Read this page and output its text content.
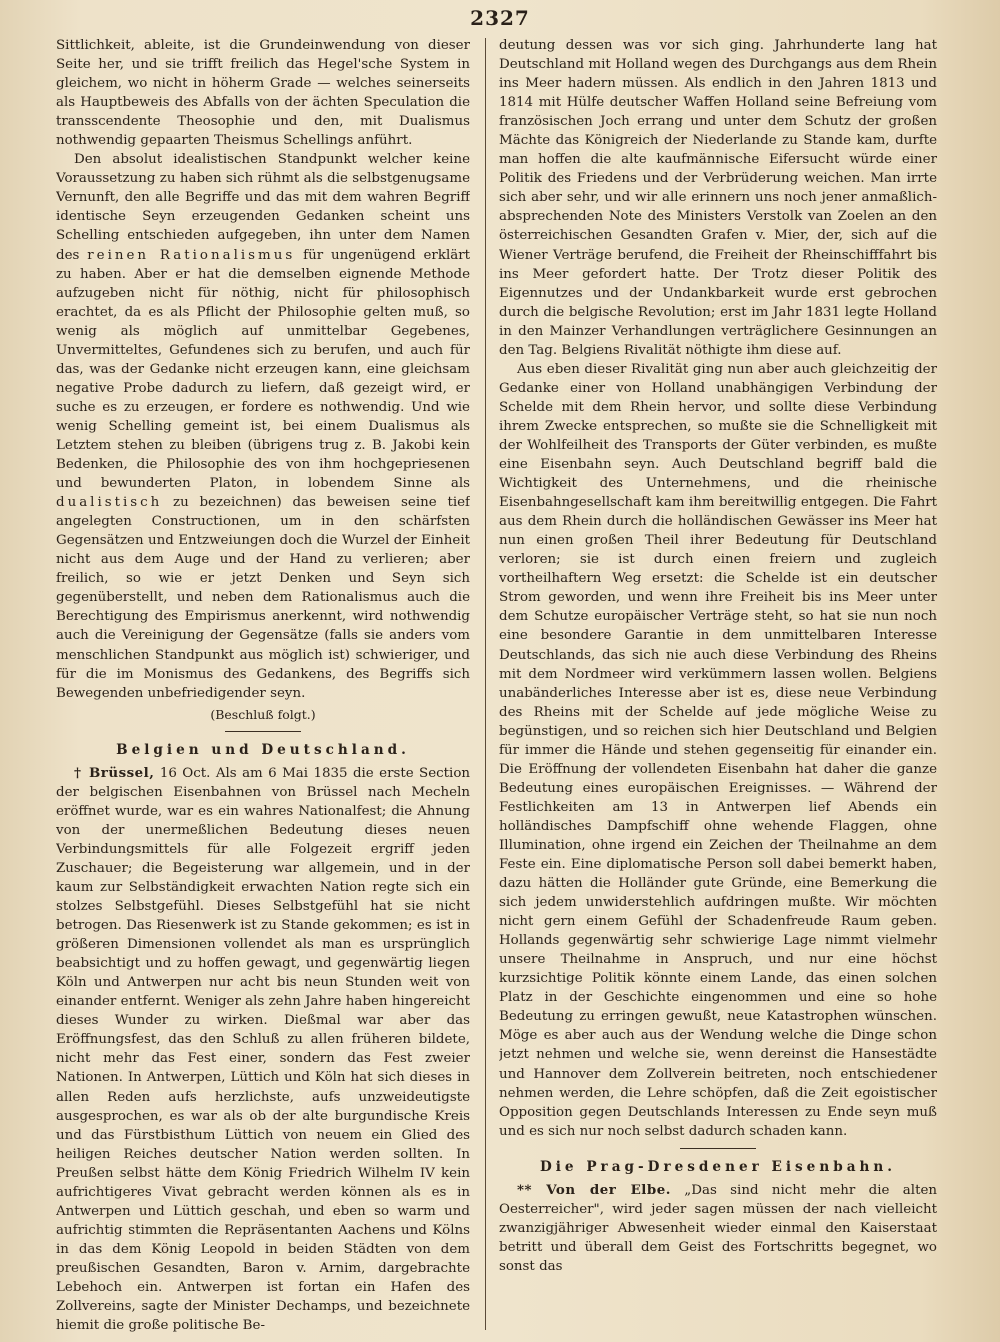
2327

Sittlichkeit, ableite, ist die Grundeinwendung von dieser Seite her, und sie trifft freilich das Hegel'sche System in gleichem, wo nicht in höherm Grade — welches seinerseits als Hauptbeweis des Abfalls von der ächten Speculation die transscendente Theosophie und den, mit Dualismus nothwendig gepaarten Theismus Schellings anführt.

Den absolut idealistischen Standpunkt welcher keine Voraussetzung zu haben sich rühmt als die selbstgenugsame Vernunft, den alle Begriffe und das mit dem wahren Begriff identische Seyn erzeugenden Gedanken scheint uns Schelling entschieden aufgegeben, ihn unter dem Namen des reinen Rationalismus für ungenügend erklärt zu haben. Aber er hat die demselben eignende Methode aufzugeben nicht für nöthig, nicht für philosophisch erachtet, da es als Pflicht der Philosophie gelten muß, so wenig als möglich auf unmittelbar Gegebenes, Unvermitteltes, Gefundenes sich zu berufen, und auch für das, was der Gedanke nicht erzeugen kann, eine gleichsam negative Probe dadurch zu liefern, daß gezeigt wird, er suche es zu erzeugen, er fordere es nothwendig. Und wie wenig Schelling gemeint ist, bei einem Dualismus als Letztem stehen zu bleiben (übrigens trug z. B. Jakobi kein Bedenken, die Philosophie des von ihm hochgepriesenen und bewunderten Platon, in lobendem Sinne als dualistisch zu bezeichnen) das beweisen seine tief angelegten Constructionen, um in den schärfsten Gegensätzen und Entzweiungen doch die Wurzel der Einheit nicht aus dem Auge und der Hand zu verlieren; aber freilich, so wie er jetzt Denken und Seyn sich gegenüberstellt, und neben dem Rationalismus auch die Berechtigung des Empirismus anerkennt, wird nothwendig auch die Vereinigung der Gegensätze (falls sie anders vom menschlichen Standpunkt aus möglich ist) schwieriger, und für die im Monismus des Gedankens, des Begriffs sich Bewegenden unbefriedigender seyn.

(Beschluß folgt.)

Belgien und Deutschland.

† Brüssel, 16 Oct. Als am 6 Mai 1835 die erste Section der belgischen Eisenbahnen von Brüssel nach Mecheln eröffnet wurde, war es ein wahres Nationalfest; die Ahnung von der unermeßlichen Bedeutung dieses neuen Verbindungsmittels für alle Folgezeit ergriff jeden Zuschauer; die Begeisterung war allgemein, und in der kaum zur Selbständigkeit erwachten Nation regte sich ein stolzes Selbstgefühl. Dieses Selbstgefühl hat sie nicht betrogen. Das Riesenwerk ist zu Stande gekommen; es ist in größeren Dimensionen vollendet als man es ursprünglich beabsichtigt und zu hoffen gewagt, und gegenwärtig liegen Köln und Antwerpen nur acht bis neun Stunden weit von einander entfernt. Weniger als zehn Jahre haben hingereicht dieses Wunder zu wirken. Dießmal war aber das Eröffnungsfest, das den Schluß zu allen früheren bildete, nicht mehr das Fest einer, sondern das Fest zweier Nationen. In Antwerpen, Lüttich und Köln hat sich dieses in allen Reden aufs herzlichste, aufs unzweideutigste ausgesprochen, es war als ob der alte burgundische Kreis und das Fürstbisthum Lüttich von neuem ein Glied des heiligen Reiches deutscher Nation werden sollten. In Preußen selbst hätte dem König Friedrich Wilhelm IV kein aufrichtigeres Vivat gebracht werden können als es in Antwerpen und Lüttich geschah, und eben so warm und aufrichtig stimmten die Repräsentanten Aachens und Kölns in das dem König Leopold in beiden Städten von dem preußischen Gesandten, Baron v. Arnim, dargebrachte Lebehoch ein. Antwerpen ist fortan ein Hafen des Zollvereins, sagte der Minister Dechamps, und bezeichnete hiemit die große politische Be-

deutung dessen was vor sich ging. Jahrhunderte lang hat Deutschland mit Holland wegen des Durchgangs aus dem Rhein ins Meer hadern müssen. Als endlich in den Jahren 1813 und 1814 mit Hülfe deutscher Waffen Holland seine Befreiung vom französischen Joch errang und unter dem Schutz der großen Mächte das Königreich der Niederlande zu Stande kam, durfte man hoffen die alte kaufmännische Eifersucht würde einer Politik des Friedens und der Verbrüderung weichen. Man irrte sich aber sehr, und wir alle erinnern uns noch jener anmaßlich-absprechenden Note des Ministers Verstolk van Zoelen an den österreichischen Gesandten Grafen v. Mier, der, sich auf die Wiener Verträge berufend, die Freiheit der Rheinschifffahrt bis ins Meer gefordert hatte. Der Trotz dieser Politik des Eigennutzes und der Undankbarkeit wurde erst gebrochen durch die belgische Revolution; erst im Jahr 1831 legte Holland in den Mainzer Verhandlungen verträglichere Gesinnungen an den Tag. Belgiens Rivalität nöthigte ihm diese auf.

Aus eben dieser Rivalität ging nun aber auch gleichzeitig der Gedanke einer von Holland unabhängigen Verbindung der Schelde mit dem Rhein hervor, und sollte diese Verbindung ihrem Zwecke entsprechen, so mußte sie die Schnelligkeit mit der Wohlfeilheit des Transports der Güter verbinden, es mußte eine Eisenbahn seyn. Auch Deutschland begriff bald die Wichtigkeit des Unternehmens, und die rheinische Eisenbahngesellschaft kam ihm bereitwillig entgegen. Die Fahrt aus dem Rhein durch die holländischen Gewässer ins Meer hat nun einen großen Theil ihrer Bedeutung für Deutschland verloren; sie ist durch einen freiern und zugleich vortheilhaftern Weg ersetzt: die Schelde ist ein deutscher Strom geworden, und wenn ihre Freiheit bis ins Meer unter dem Schutze europäischer Verträge steht, so hat sie nun noch eine besondere Garantie in dem unmittelbaren Interesse Deutschlands, das sich nie auch diese Verbindung des Rheins mit dem Nordmeer wird verkümmern lassen wollen. Belgiens unabänderliches Interesse aber ist es, diese neue Verbindung des Rheins mit der Schelde auf jede mögliche Weise zu begünstigen, und so reichen sich hier Deutschland und Belgien für immer die Hände und stehen gegenseitig für einander ein. Die Eröffnung der vollendeten Eisenbahn hat daher die ganze Bedeutung eines europäischen Ereignisses. — Während der Festlichkeiten am 13 in Antwerpen lief Abends ein holländisches Dampfschiff ohne wehende Flaggen, ohne Illumination, ohne irgend ein Zeichen der Theilnahme an dem Feste ein. Eine diplomatische Person soll dabei bemerkt haben, dazu hätten die Holländer gute Gründe, eine Bemerkung die sich jedem unwiderstehlich aufdringen mußte. Wir möchten nicht gern einem Gefühl der Schadenfreude Raum geben. Hollands gegenwärtig sehr schwierige Lage nimmt vielmehr unsere Theilnahme in Anspruch, und nur eine höchst kurzsichtige Politik könnte einem Lande, das einen solchen Platz in der Geschichte eingenommen und eine so hohe Bedeutung zu erringen gewußt, neue Katastrophen wünschen. Möge es aber auch aus der Wendung welche die Dinge schon jetzt nehmen und welche sie, wenn dereinst die Hansestädte und Hannover dem Zollverein beitreten, noch entschiedener nehmen werden, die Lehre schöpfen, daß die Zeit egoistischer Opposition gegen Deutschlands Interessen zu Ende seyn muß und es sich nur noch selbst dadurch schaden kann.

Die Prag-Dresdener Eisenbahn.

** Von der Elbe. „Das sind nicht mehr die alten Oesterreicher", wird jeder sagen müssen der nach vielleicht zwanzigjähriger Abwesenheit wieder einmal den Kaiserstaat betritt und überall dem Geist des Fortschritts begegnet, wo sonst das
